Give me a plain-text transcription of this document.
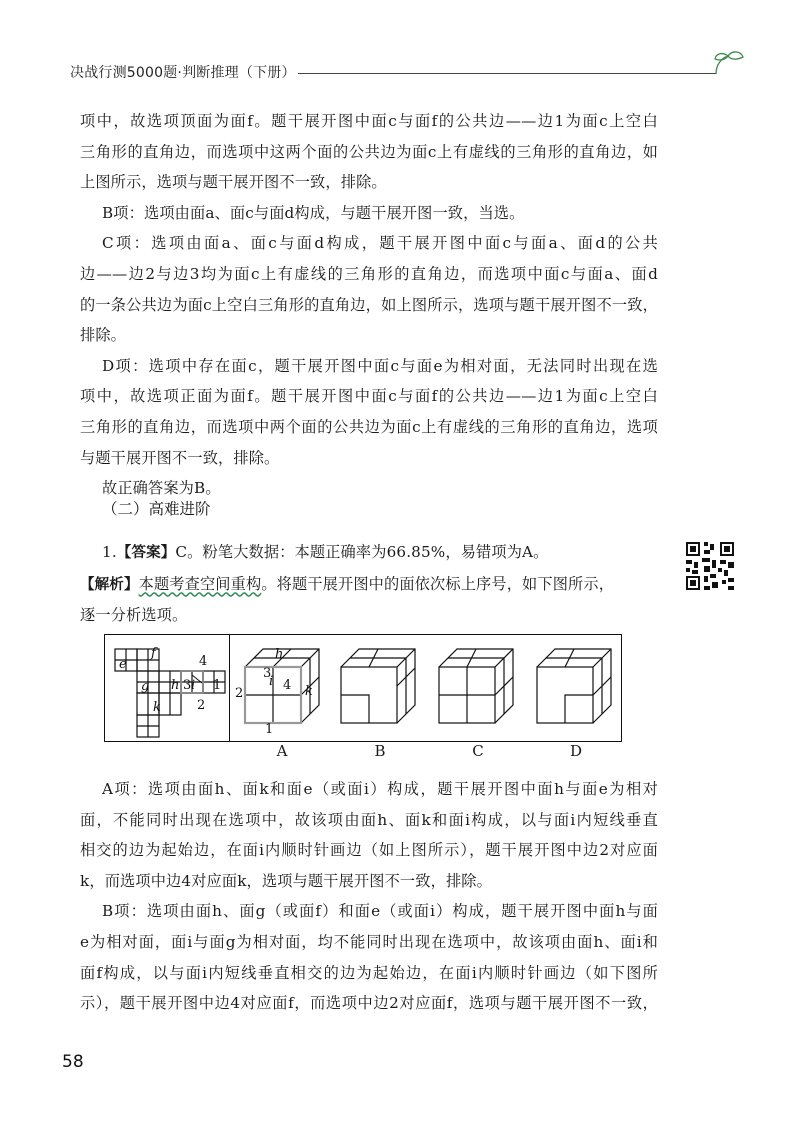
决战行测5000题·判断推理（下册）

项中，故选项顶面为面f。题干展开图中面c与面f的公共边——边1为面c上空白

三角形的直角边，而选项中这两个面的公共边为面c上有虚线的三角形的直角边，如

上图所示，选项与题干展开图不一致，排除。

B项：选项由面a、面c与面d构成，与题干展开图一致，当选。

C项：选项由面a、面c与面d构成，题干展开图中面c与面a、面d的公共

边——边2与边3均为面c上有虚线的三角形的直角边，而选项中面c与面a、面d

的一条公共边为面c上空白三角形的直角边，如上图所示，选项与题干展开图不一致，

排除。

D项：选项中存在面c，题干展开图中面c与面e为相对面，无法同时出现在选

项中，故选项正面为面f。题干展开图中面c与面f的公共边——边1为面c上空白

三角形的直角边，而选项中两个面的公共边为面c上有虚线的三角形的直角边，选项

与题干展开图不一致，排除。

故正确答案为B。

（二）高难进阶

1.【答案】C。粉笔大数据：本题正确率为66.85%，易错项为A。

【解析】本题考查空间重构。将题干展开图中的面依次标上序号，如下图所示，

逐一分析选项。

e
f
g h i
k
1
2
3
4	h
i
k
3
2
4
1
A	B	C	D

A项：选项由面h、面k和面e（或面i）构成，题干展开图中面h与面e为相对

面，不能同时出现在选项中，故该项由面h、面k和面i构成，以与面i内短线垂直

相交的边为起始边，在面i内顺时针画边（如上图所示），题干展开图中边2对应面

k，而选项中边4对应面k，选项与题干展开图不一致，排除。

B项：选项由面h、面g（或面f）和面e（或面i）构成，题干展开图中面h与面

e为相对面，面i与面g为相对面，均不能同时出现在选项中，故该项由面h、面i和

面f构成，以与面i内短线垂直相交的边为起始边，在面i内顺时针画边（如下图所

示），题干展开图中边4对应面f，而选项中边2对应面f，选项与题干展开图不一致，

58
